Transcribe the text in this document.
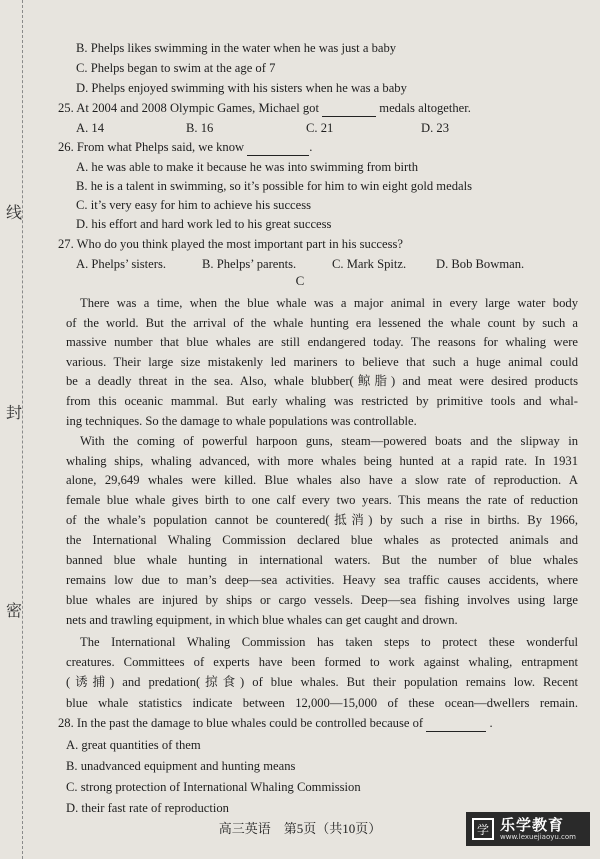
线
封
密
B. Phelps likes swimming in the water when he was just a baby
C. Phelps began to swim at the age of 7
D. Phelps enjoyed swimming with his sisters when he was a baby
25. At 2004 and 2008 Olympic Games, Michael got	medals altogether.
A. 14	B. 16	C. 21	D. 23
26. From what Phelps said, we know	.
A. he was able to make it because he was into swimming from birth
B. he is a talent in swimming, so it’s possible for him to win eight gold medals
C. it’s very easy for him to achieve his success
D. his effort and hard work led to his great success
27. Who do you think played the most important part in his success?
A. Phelps’ sisters.	B. Phelps’ parents.	C. Mark Spitz. D. Bob Bowman.
C
There was a time, when the blue whale was a major animal in every large water body
of the world. But the arrival of the whale hunting era lessened the whale count by such a
massive number that blue whales are still endangered today. The reasons for whaling were
various. Their large size mistakenly led mariners to believe that such a huge animal could
be a deadly threat in the sea. Also, whale blubber(鲸脂) and meat were desired products
from this oceanic mammal. But early whaling was restricted by primitive tools and whal-
ing techniques. So the damage to whale populations was controllable.
With the coming of powerful harpoon guns, steam—powered boats and the slipway in
whaling ships, whaling advanced, with more whales being hunted at a rapid rate. In 1931
alone, 29,649 whales were killed. Blue whales also have a slow rate of reproduction. A
female blue whale gives birth to one calf every two years. This means the rate of reduction
of the whale’s population cannot be countered(抵消) by such a rise in births. By 1966,
the International Whaling Commission declared blue whales as protected animals and
banned blue whale hunting in international waters. But the number of blue whales
remains low due to man’s deep—sea activities. Heavy sea traffic causes accidents, where
blue whales are injured by ships or cargo vessels. Deep—sea fishing involves using large
nets and trawling equipment, in which blue whales can get caught and drown.
The International Whaling Commission has taken steps to protect these wonderful
creatures. Committees of experts have been formed to work against whaling, entrapment
(诱捕) and predation(掠食) of blue whales. But their population remains low. Recent
blue whale statistics indicate between 12,000—15,000 of these ocean—dwellers remain.
28. In the past the damage to blue whales could be controlled because of	.
A. great quantities of them
B. unadvanced equipment and hunting means
C. strong protection of International Whaling Commission
D. their fast rate of reproduction
高三英语　第5页（共10页）	学 乐学教育
www.lexuejiaoyu.com
